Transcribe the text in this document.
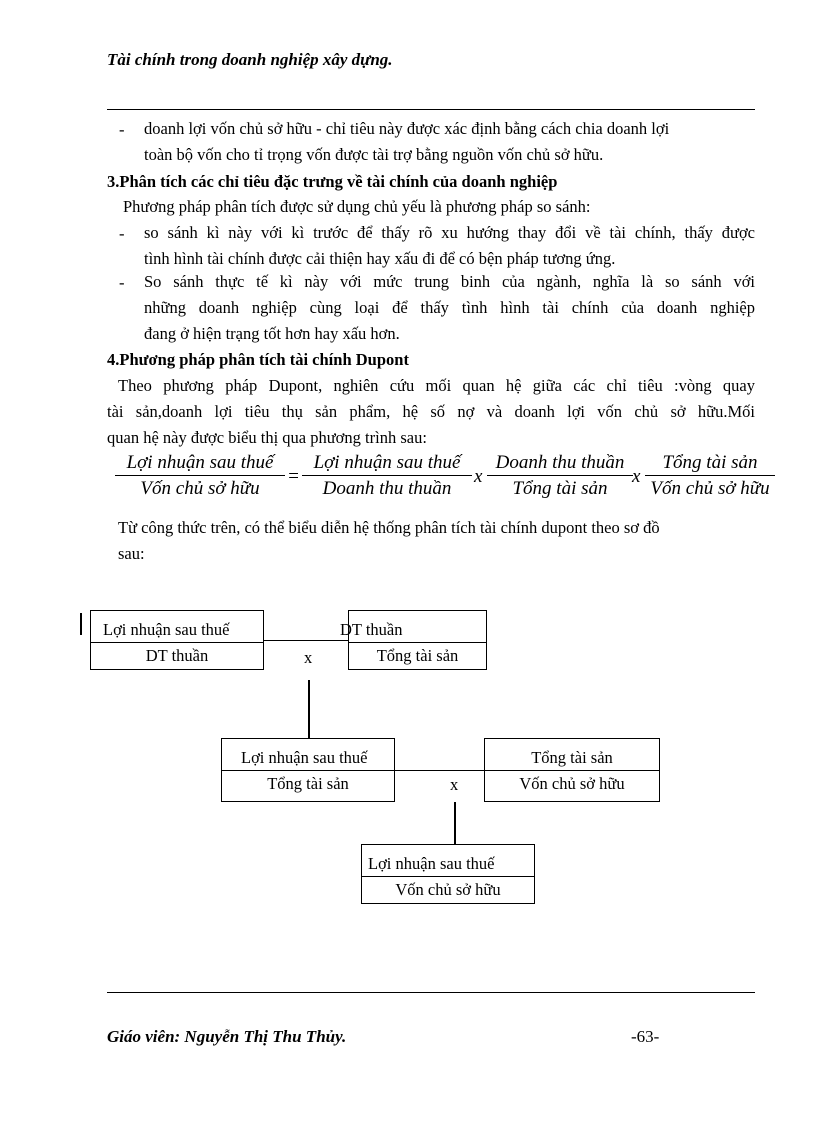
Tài chính trong doanh nghiệp xây dựng.
- doanh lợi vốn chủ sở hữu - chỉ tiêu này được xác định bằng cách chia doanh lợi
toàn bộ vốn cho tỉ trọng vốn được tài trợ bằng nguồn vốn chủ sở hữu.
3.Phân tích các chỉ tiêu đặc trưng về tài chính của doanh nghiệp
Phương pháp phân tích được sử dụng chủ yếu là phương pháp so sánh:
- so sánh kì này với kì trước để thấy rõ xu hướng thay đổi về tài chính, thấy được
tình hình tài chính được cải thiện hay xấu đi để có bện pháp tương ứng.
- So sánh thực tế kì này với mức trung binh của ngành, nghĩa là so sánh với
những doanh nghiệp cùng loại để thấy tình hình tài chính của doanh nghiệp
đang ở hiện trạng tốt hơn hay xấu hơn.
4.Phương pháp phân tích tài chính Dupont
Theo phương pháp Dupont, nghiên cứu mối quan hệ giữa các chỉ tiêu :vòng quay
tài sản,doanh lợi tiêu thụ sản phẩm, hệ số nợ và doanh lợi vốn chủ sở hữu.Mối
quan hệ này được biểu thị qua phương trình sau:
Lợi nhuận sau thuế
Vốn chủ sở hữu
=
Lợi nhuận sau thuế
Doanh thu thuần
x
Doanh thu thuần
Tổng tài sản
x
Tổng tài sản
Vốn chủ sở hữu
Từ công thức trên, có thể biểu diễn hệ thống phân tích tài chính dupont theo sơ đồ
sau:
x
x
Lợi nhuận sau thuế
DT thuần
DT thuần
Tổng tài sản
Lợi nhuận sau thuế
Tổng tài sản
Tổng tài sản
Vốn chủ sở hữu
Lợi nhuận sau thuế
Vốn chủ sở hữu
Giáo viên: Nguyễn Thị Thu Thủy.	-63-
